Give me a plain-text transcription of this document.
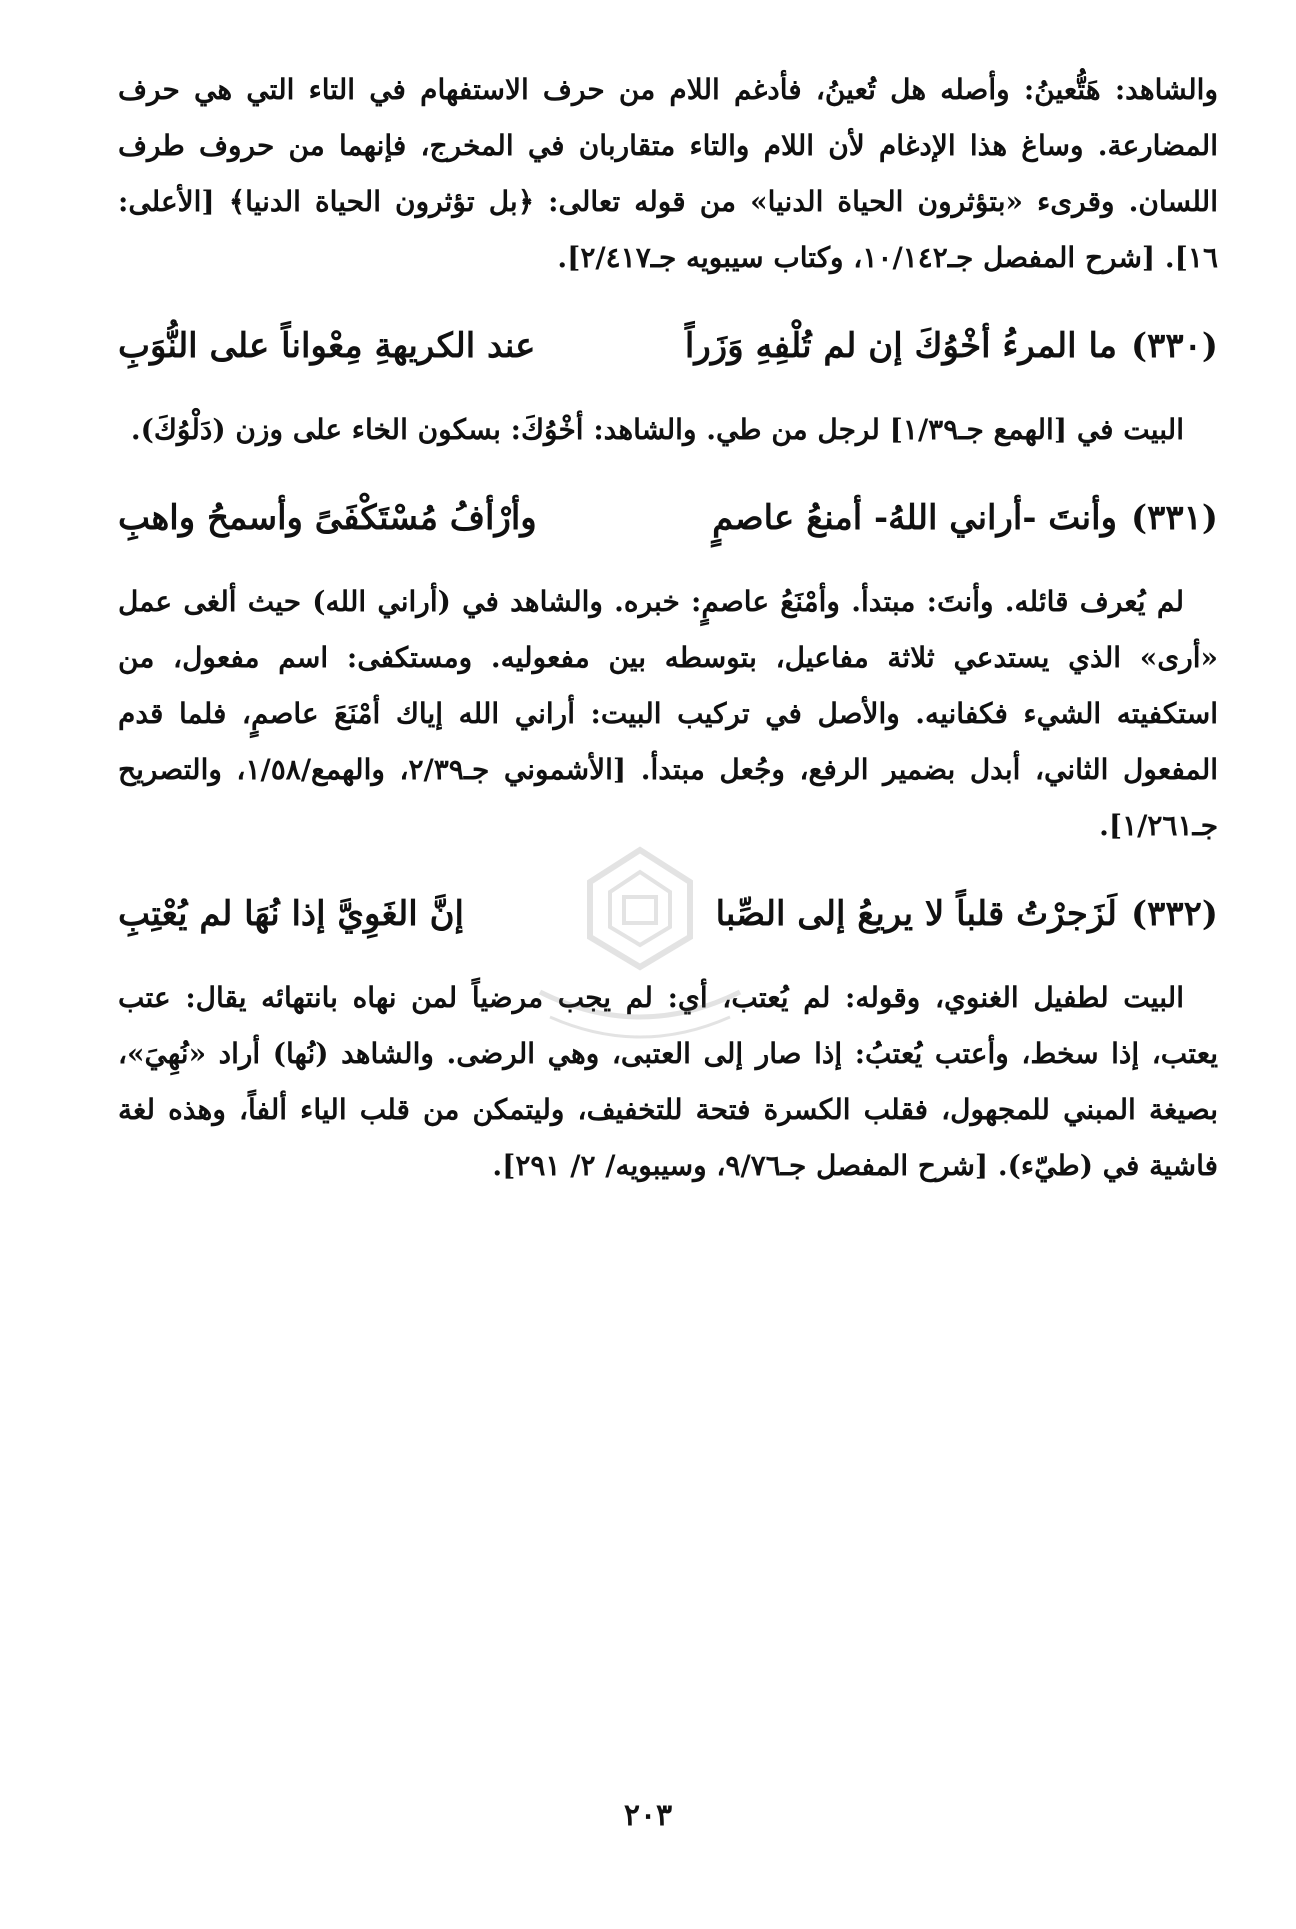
والشاهد: هَتُّعينُ: وأصله هل تُعينُ، فأدغم اللام من حرف الاستفهام في التاء التي هي حرف المضارعة. وساغ هذا الإدغام لأن اللام والتاء متقاربان في المخرج، فإنهما من حروف طرف اللسان. وقرىء «بتؤثرون الحياة الدنيا» من قوله تعالى: ﴿بل تؤثرون الحياة الدنيا﴾ [الأعلى: ١٦]. [شرح المفصل جـ١٠/١٤٢، وكتاب سيبويه جـ٢/٤١٧].

(٣٣٠)
ما المرءُ أخْوُكَ إن لم تُلْفِهِ وَزَراً
عند الكريهةِ مِعْواناً على النُّوَبِ

البيت في [الهمع جـ١/٣٩] لرجل من طي. والشاهد: أخْوُكَ: بسكون الخاء على وزن (دَلْوُكَ).

(٣٣١)
وأنتَ -أراني اللهُ- أمنعُ عاصمٍ
وأرْأفُ مُسْتَكْفَىً وأسمحُ واهبِ

لم يُعرف قائله. وأنتَ: مبتدأ. وأمْنَعُ عاصمٍ: خبره. والشاهد في (أراني الله) حيث ألغى عمل «أرى» الذي يستدعي ثلاثة مفاعيل، بتوسطه بين مفعوليه. ومستكفى: اسم مفعول، من استكفيته الشيء فكفانيه. والأصل في تركيب البيت: أراني الله إياك أمْنَعَ عاصمٍ، فلما قدم المفعول الثاني، أبدل بضمير الرفع، وجُعل مبتدأ. [الأشموني جـ٢/٣٩، والهمع/١/٥٨، والتصريح جـ١/٢٦١].

(٣٣٢)
لَزَجرْتُ قلباً لا يريعُ إلى الصِّبا
إنَّ الغَوِيَّ إذا نُهَا لم يُعْتِبِ

البيت لطفيل الغنوي، وقوله: لم يُعتب، أي: لم يجب مرضياً لمن نهاه بانتهائه يقال: عتب يعتب، إذا سخط، وأعتب يُعتبُ: إذا صار إلى العتبى، وهي الرضى. والشاهد (نُها) أراد «نُهِيَ»، بصيغة المبني للمجهول، فقلب الكسرة فتحة للتخفيف، وليتمكن من قلب الياء ألفاً، وهذه لغة فاشية في (طيّء). [شرح المفصل جـ٩/٧٦، وسيبويه/ ٢/ ٢٩١].

٢٠٣
